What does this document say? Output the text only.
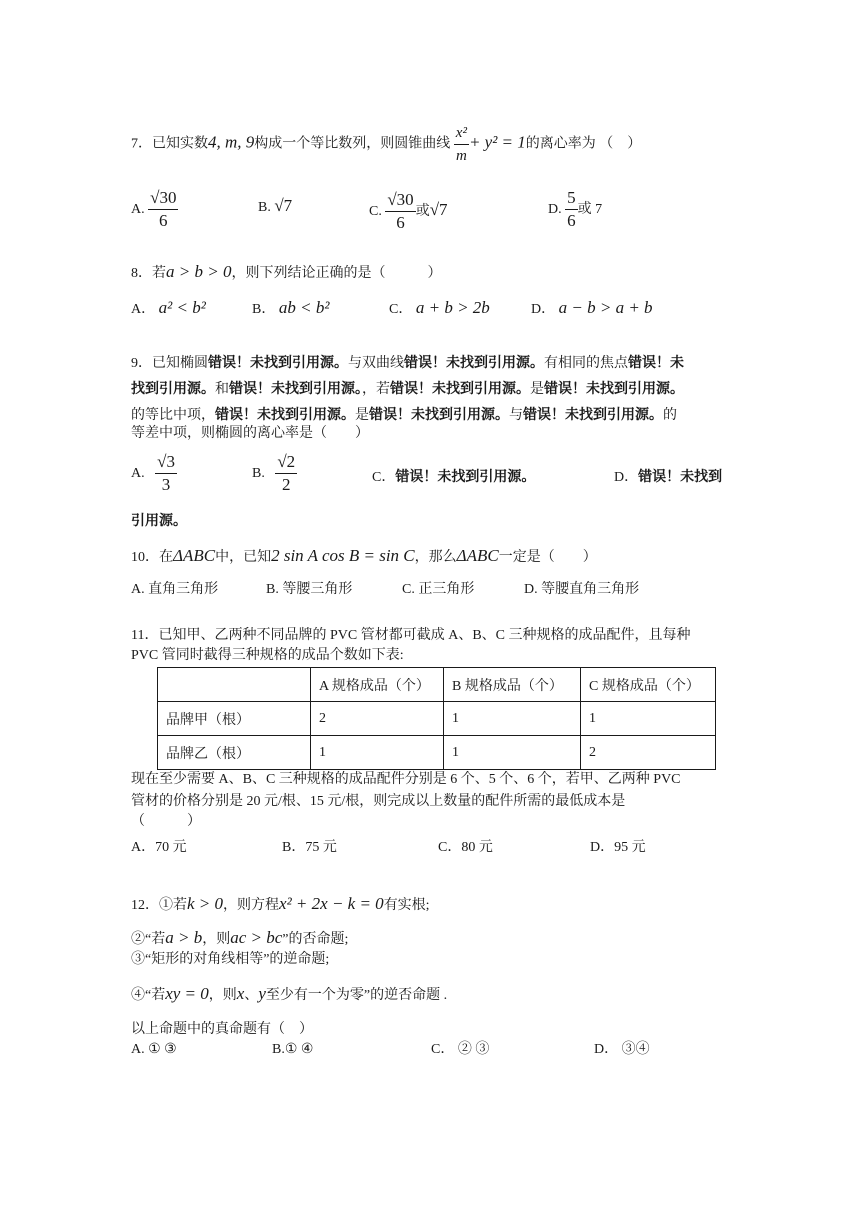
7．已知实数4, m, 9构成一个等比数列，则圆锥曲线 $\frac{\text{x²}}{m} + y^2 = 1$的离心率为 （　）
A. $\frac{√30}{6}$	B. √7	C. $\frac{√30}{6}$ 或√7	D. $\frac{5}{6}$ 或 7
8．若a > b > 0，则下列结论正确的是（　　　）
A． a² < b²	B． ab < b²	C． a + b > 2b	D． a − b > a + b
9．已知椭圆错误！未找到引用源。与双曲线错误！未找到引用源。有相同的焦点错误！未
找到引用源。和错误！未找到引用源。，若错误！未找到引用源。是错误！未找到引用源。
的等比中项，错误！未找到引用源。是错误！未找到引用源。与错误！未找到引用源。的
等差中项，则椭圆的离心率是（　　）
A. $\frac{√3}{3}$	B. $\frac{√2}{2}$	C．错误！未找到引用源。	D．错误！未找到
引用源。
10．在ΔABC中，已知2 sin A cos B = sin C，那么ΔABC一定是（　　）
A. 直角三角形	B. 等腰三角形	C. 正三角形	D. 等腰直角三角形
11．已知甲、乙两种不同品牌的 PVC 管材都可截成 A、B、C 三种规格的成品配件，且每种
PVC 管同时截得三种规格的成品个数如下表:
	A 规格成品（个）	B 规格成品（个）	C 规格成品（个）
品牌甲（根）	2	1	1
品牌乙（根）	1	1	2
现在至少需要 A、B、C 三种规格的成品配件分别是 6 个、5 个、6 个，若甲、乙两种 PVC
管材的价格分别是 20 元/根、15 元/根，则完成以上数量的配件所需的最低成本是
（　　　）
A．70 元	B．75 元	C．80 元	D．95 元
12．①若k > 0，则方程x² + 2x − k = 0有实根;
②“若a > b，则ac > bc”的否命题;
③“矩形的对角线相等”的逆命题;
④“若xy = 0，则x、y至少有一个为零”的逆否命题 .
以上命题中的真命题有（　）
A. ① ③	B.① ④	C． ② ③	D． ③④
